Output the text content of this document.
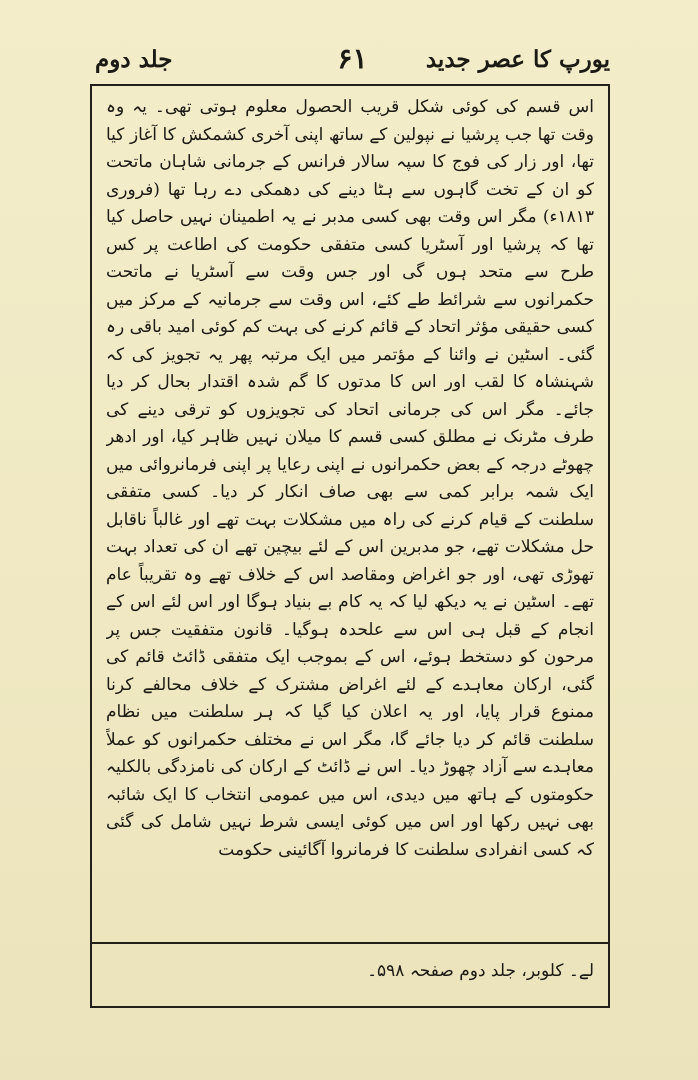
یورپ کا عصر جدید
۶۱
جلد دوم
اس قسم کی کوئی شکل قریب الحصول معلوم ہوتی تھی۔ یہ وہ وقت تھا جب پرشیا نے نپولین کے ساتھ اپنی آخری کشمکش کا آغاز کیا تھا، اور زار کی فوج کا سپہ سالار فرانس کے جرمانی شاہان ماتحت کو ان کے تخت گاہوں سے ہٹا دینے کی دھمکی دے رہا تھا (فروری ۱۸۱۳ء) مگر اس وقت بھی کسی مدبر نے یہ اطمینان نہیں حاصل کیا تھا کہ پرشیا اور آسٹریا کسی متفقی حکومت کی اطاعت پر کس طرح سے متحد ہوں گی اور جس وقت سے آسٹریا نے ماتحت حکمرانوں سے شرائط طے کئے، اس وقت سے جرمانیہ کے مرکز میں کسی حقیقی مؤثر اتحاد کے قائم کرنے کی بہت کم کوئی امید باقی رہ گئی۔ اسٹین نے وائنا کے مؤتمر میں ایک مرتبہ پھر یہ تجویز کی کہ شہنشاہ کا لقب اور اس کا مدتوں کا گم شدہ اقتدار بحال کر دیا جائے۔ مگر اس کی جرمانی اتحاد کی تجویزوں کو ترقی دینے کی طرف مٹرنک نے مطلق کسی قسم کا میلان نہیں ظاہر کیا، اور ادھر چھوٹے درجہ کے بعض حکمرانوں نے اپنی رعایا پر اپنی فرمانروائی میں ایک شمہ برابر کمی سے بھی صاف انکار کر دیا۔ کسی متفقی سلطنت کے قیام کرنے کی راہ میں مشکلات بہت تھے اور غالباً ناقابل حل مشکلات تھے، جو مدبرین اس کے لئے بیچین تھے ان کی تعداد بہت تھوڑی تھی، اور جو اغراض ومقاصد اس کے خلاف تھے وہ تقریباً عام تھے۔ اسٹین نے یہ دیکھ لیا کہ یہ کام بے بنیاد ہوگا اور اس لئے اس کے انجام کے قبل ہی اس سے علحدہ ہوگیا۔ قانون متفقیت جس پر مرحون کو دستخط ہوئے، اس کے بموجب ایک متفقی ڈائٹ قائم کی گئی، ارکان معاہدے کے لئے اغراض مشترک کے خلاف محالفے کرنا ممنوع قرار پایا، اور یہ اعلان کیا گیا کہ ہر سلطنت میں نظام سلطنت قائم کر دیا جائے گا، مگر اس نے مختلف حکمرانوں کو عملاً معاہدے سے آزاد چھوڑ دیا۔ اس نے ڈائٹ کے ارکان کی نامزدگی بالکلیہ حکومتوں کے ہاتھ میں دیدی، اس میں عمومی انتخاب کا ایک شائبہ بھی نہیں رکھا اور اس میں کوئی ایسی شرط نہیں شامل کی گئی کہ کسی انفرادی سلطنت کا فرمانروا آگائینی حکومت
لے۔ کلوبر، جلد دوم صفحہ ۵۹۸۔
